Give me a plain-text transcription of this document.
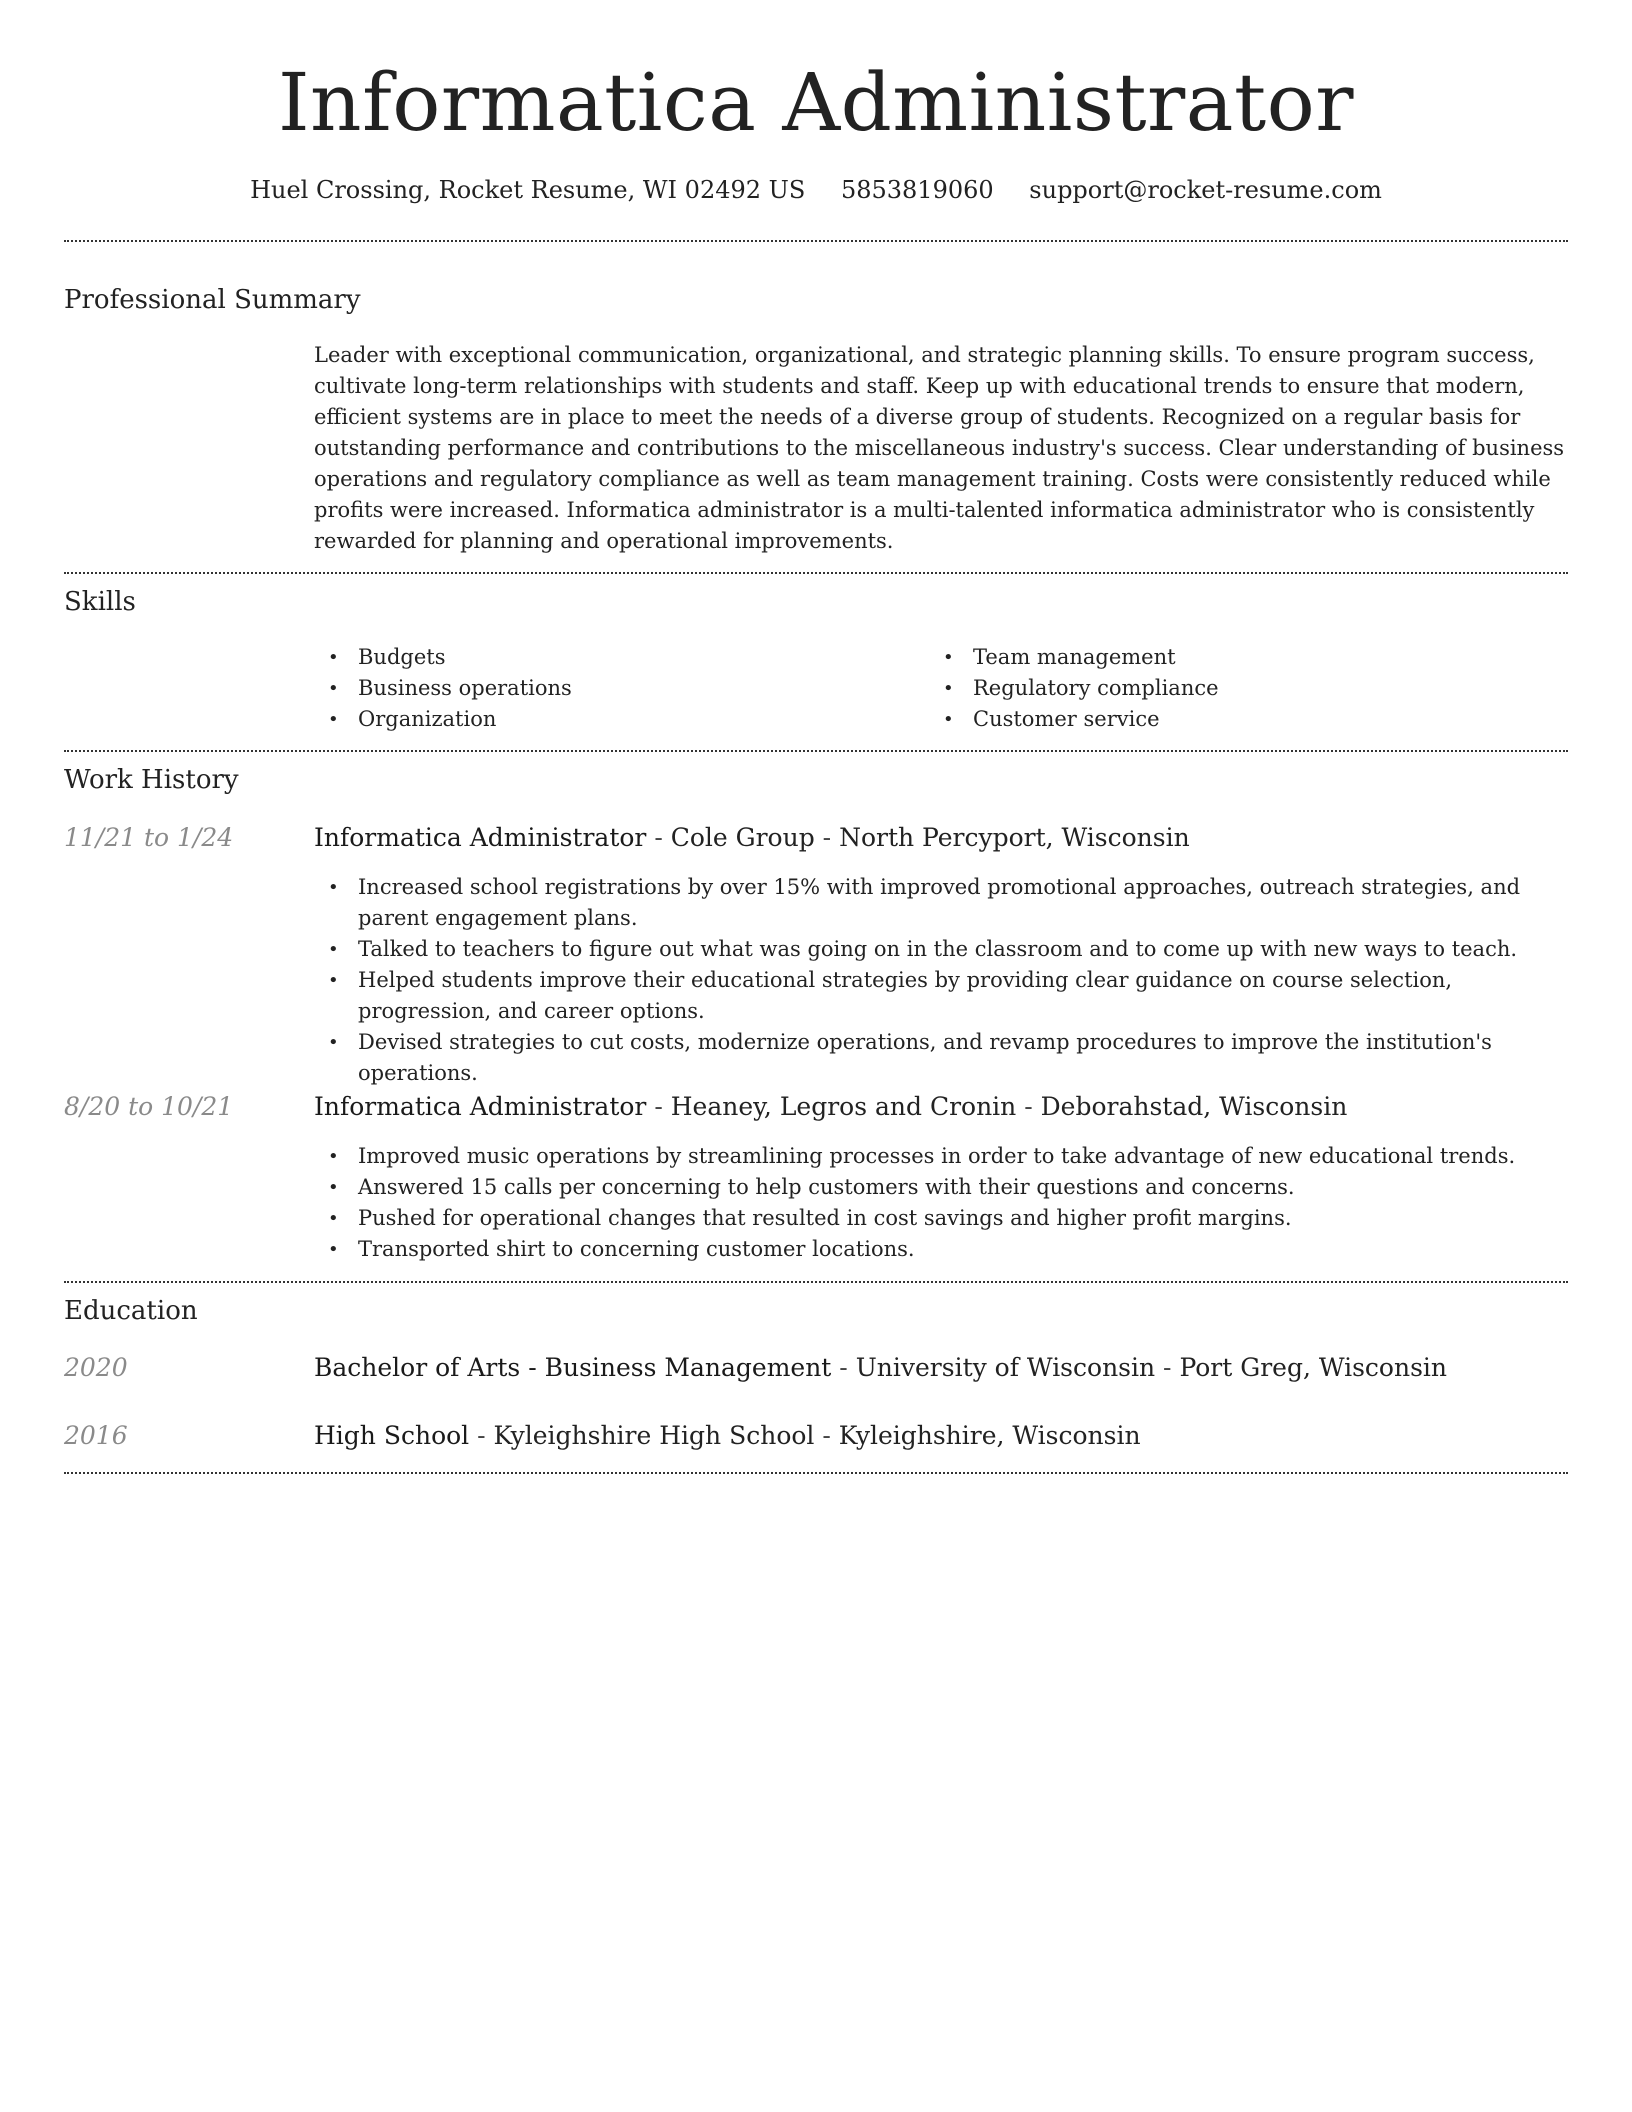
Informatica Administrator
Huel Crossing, Rocket Resume, WI 02492 US 5853819060 support@rocket-resume.com
Professional Summary
Leader with exceptional communication, organizational, and strategic planning skills. To ensure program success, cultivate long-term relationships with students and staff. Keep up with educational trends to ensure that modern, efficient systems are in place to meet the needs of a diverse group of students. Recognized on a regular basis for outstanding performance and contributions to the miscellaneous industry's success. Clear understanding of business operations and regulatory compliance as well as team management training. Costs were consistently reduced while profits were increased. Informatica administrator is a multi-talented informatica administrator who is consistently rewarded for planning and operational improvements.
Skills
• Budgets
• Business operations
• Organization
• Team management
• Regulatory compliance
• Customer service
Work History
11/21 to 1/24	Informatica Administrator - Cole Group - North Percyport, Wisconsin
• Increased school registrations by over 15% with improved promotional approaches, outreach strategies, and parent engagement plans.
• Talked to teachers to figure out what was going on in the classroom and to come up with new ways to teach.
• Helped students improve their educational strategies by providing clear guidance on course selection, progression, and career options.
• Devised strategies to cut costs, modernize operations, and revamp procedures to improve the institution's operations.
8/20 to 10/21	Informatica Administrator - Heaney, Legros and Cronin - Deborahstad, Wisconsin
• Improved music operations by streamlining processes in order to take advantage of new educational trends.
• Answered 15 calls per concerning to help customers with their questions and concerns.
• Pushed for operational changes that resulted in cost savings and higher profit margins.
• Transported shirt to concerning customer locations.
Education
2020	Bachelor of Arts - Business Management - University of Wisconsin - Port Greg, Wisconsin
2016	High School - Kyleighshire High School - Kyleighshire, Wisconsin
